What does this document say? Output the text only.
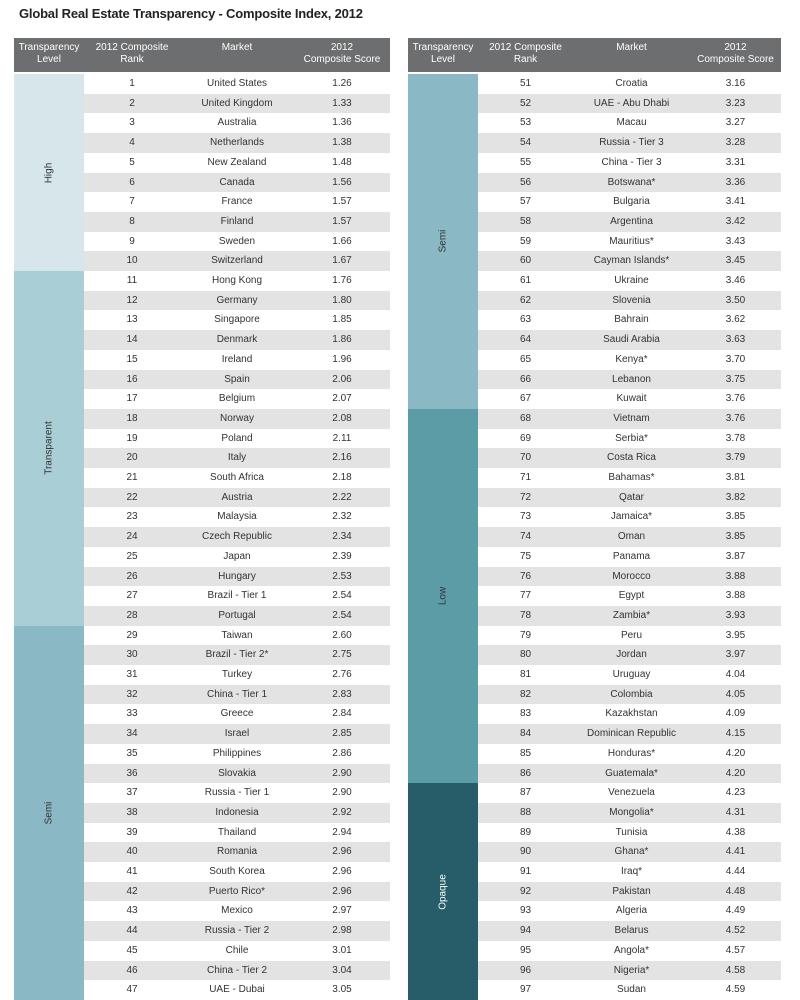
Global Real Estate Transparency - Composite Index, 2012
Transparency
Level
2012 Composite
Rank
Market	2012
Composite Score
High
Transparent
Semi
1	United States	1.26
2	United Kingdom	1.33
3	Australia	1.36
4	Netherlands	1.38
5	New Zealand	1.48
6	Canada	1.56
7	France	1.57
8	Finland	1.57
9	Sweden	1.66
10	Switzerland	1.67
11	Hong Kong	1.76
12	Germany	1.80
13	Singapore	1.85
14	Denmark	1.86
15	Ireland	1.96
16	Spain	2.06
17	Belgium	2.07
18	Norway	2.08
19	Poland	2.11
20	Italy	2.16
21	South Africa	2.18
22	Austria	2.22
23	Malaysia	2.32
24	Czech Republic	2.34
25	Japan	2.39
26	Hungary	2.53
27	Brazil - Tier 1	2.54
28	Portugal	2.54
29	Taiwan	2.60
30	Brazil - Tier 2*	2.75
31	Turkey	2.76
32	China - Tier 1	2.83
33	Greece	2.84
34	Israel	2.85
35	Philippines	2.86
36	Slovakia	2.90
37	Russia - Tier 1	2.90
38	Indonesia	2.92
39	Thailand	2.94
40	Romania	2.96
41	South Korea	2.96
42	Puerto Rico*	2.96
43	Mexico	2.97
44	Russia - Tier 2	2.98
45	Chile	3.01
46	China - Tier 2	3.04
47	UAE - Dubai	3.05
Transparency
Level
2012 Composite
Rank
Market	2012
Composite Score
Semi
Low
Opaque
51	Croatia	3.16
52	UAE - Abu Dhabi	3.23
53	Macau	3.27
54	Russia - Tier 3	3.28
55	China - Tier 3	3.31
56	Botswana*	3.36
57	Bulgaria	3.41
58	Argentina	3.42
59	Mauritius*	3.43
60	Cayman Islands*	3.45
61	Ukraine	3.46
62	Slovenia	3.50
63	Bahrain	3.62
64	Saudi Arabia	3.63
65	Kenya*	3.70
66	Lebanon	3.75
67	Kuwait	3.76
68	Vietnam	3.76
69	Serbia*	3.78
70	Costa Rica	3.79
71	Bahamas*	3.81
72	Qatar	3.82
73	Jamaica*	3.85
74	Oman	3.85
75	Panama	3.87
76	Morocco	3.88
77	Egypt	3.88
78	Zambia*	3.93
79	Peru	3.95
80	Jordan	3.97
81	Uruguay	4.04
82	Colombia	4.05
83	Kazakhstan	4.09
84	Dominican Republic	4.15
85	Honduras*	4.20
86	Guatemala*	4.20
87	Venezuela	4.23
88	Mongolia*	4.31
89	Tunisia	4.38
90	Ghana*	4.41
91	Iraq*	4.44
92	Pakistan	4.48
93	Algeria	4.49
94	Belarus	4.52
95	Angola*	4.57
96	Nigeria*	4.58
97	Sudan	4.59
